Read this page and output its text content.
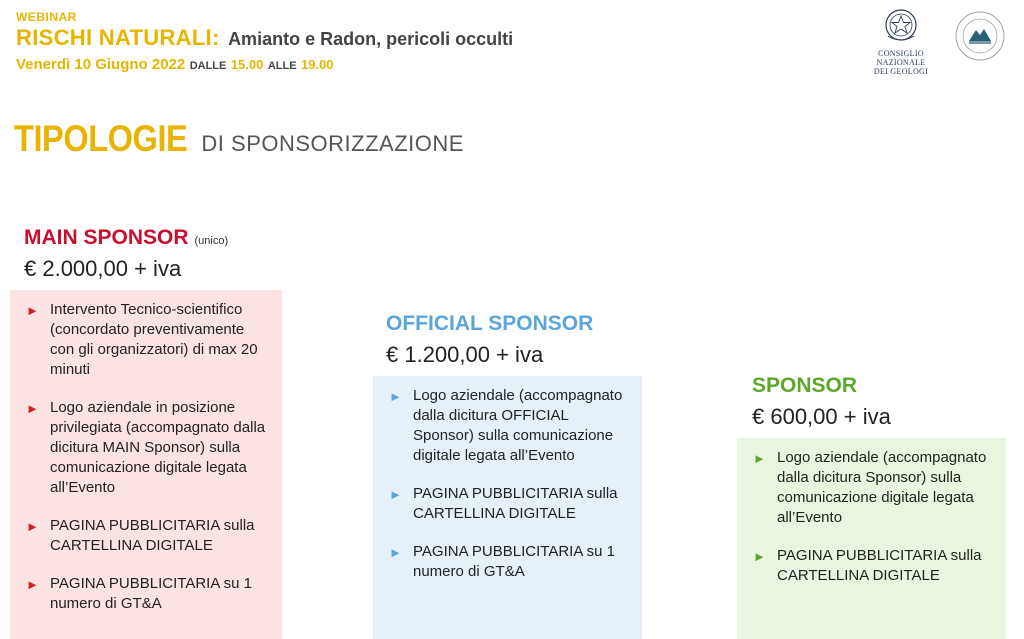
WEBINAR
RISCHI NATURALI: Amianto e Radon, pericoli occulti
Venerdì 10 Giugno 2022 DALLE 15.00 ALLE 19.00
CONSIGLIO NAZIONALE
DEI GEOLOGI
TIPOLOGIE DI SPONSORIZZAZIONE
MAIN SPONSOR (unico)
€ 2.000,00 + iva
► Intervento Tecnico-scientifico (concordato preventivamente con gli organizzatori) di max 20 minuti
► Logo aziendale in posizione privilegiata (accompagnato dalla dicitura MAIN Sponsor) sulla comunicazione digitale legata all’Evento
► PAGINA PUBBLICITARIA sulla CARTELLINA DIGITALE
► PAGINA PUBBLICITARIA su 1 numero di GT&A
OFFICIAL SPONSOR
€ 1.200,00 + iva
► Logo aziendale (accompagnato dalla dicitura OFFICIAL Sponsor) sulla comunicazione digitale legata all’Evento
► PAGINA PUBBLICITARIA sulla CARTELLINA DIGITALE
► PAGINA PUBBLICITARIA su 1 numero di GT&A
SPONSOR
€ 600,00 + iva
► Logo aziendale (accompagnato dalla dicitura Sponsor) sulla comunicazione digitale legata all’Evento
► PAGINA PUBBLICITARIA sulla CARTELLINA DIGITALE
